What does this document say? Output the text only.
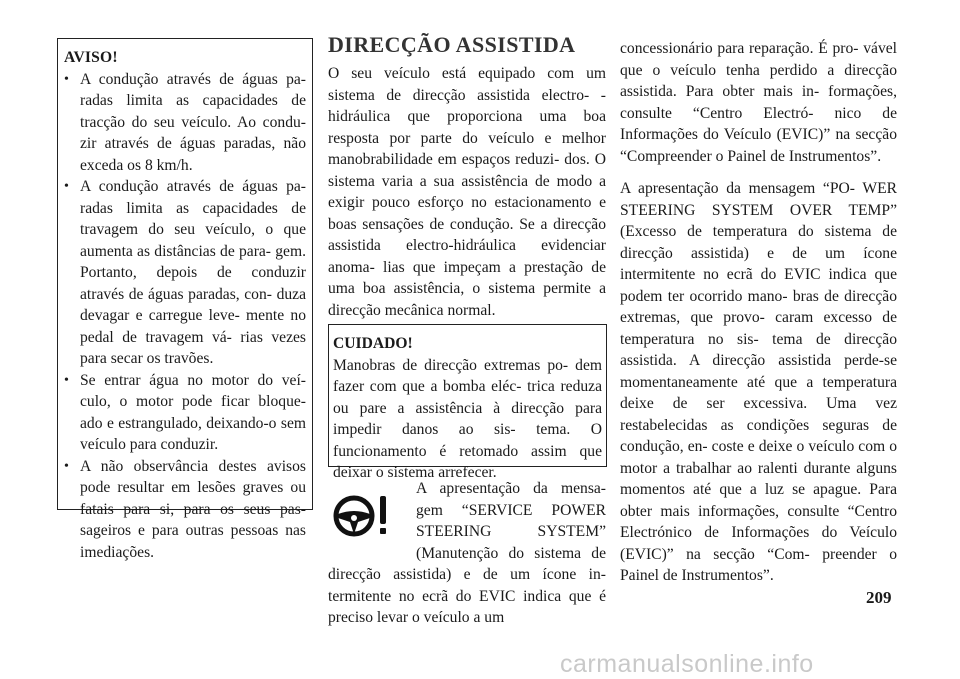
AVISO!
• A condução através de águas pa- radas limita as capacidades de tracção do seu veículo. Ao condu- zir através de águas paradas, não exceda os 8 km/h.
• A condução através de águas pa- radas limita as capacidades de travagem do seu veículo, o que aumenta as distâncias de para- gem. Portanto, depois de conduzir através de águas paradas, con- duza devagar e carregue leve- mente no pedal de travagem vá- rias vezes para secar os travões.
• Se entrar água no motor do veí- culo, o motor pode ficar bloque- ado e estrangulado, deixando-o sem veículo para conduzir.
• A não observância destes avisos pode resultar em lesões graves ou fatais para si, para os seus pas- sageiros e para outras pessoas nas imediações.
DIRECÇÃO ASSISTIDA

O seu veículo está equipado com um sistema de direcção assistida electro- -hidráulica que proporciona uma boa resposta por parte do veículo e melhor manobrabilidade em espaços reduzi- dos. O sistema varia a sua assistência de modo a exigir pouco esforço no estacionamento e boas sensações de condução. Se a direcção assistida electro-hidráulica evidenciar anoma- lias que impeçam a prestação de uma boa assistência, o sistema permite a direcção mecânica normal.

CUIDADO!
Manobras de direcção extremas po- dem fazer com que a bomba eléc- trica reduza ou pare a assistência à direcção para impedir danos ao sis- tema. O funcionamento é retomado assim que deixar o sistema arrefecer.

A apresentação da mensa- gem “SERVICE POWER STEERING SYSTEM” (Manutenção do sistema de direcção assistida) e de um ícone in- termitente no ecrã do EVIC indica que é preciso levar o veículo a um

concessionário para reparação. É pro- vável que o veículo tenha perdido a direcção assistida. Para obter mais in- formações, consulte “Centro Electró- nico de Informações do Veículo (EVIC)” na secção “Compreender o Painel de Instrumentos”.

A apresentação da mensagem “PO- WER STEERING SYSTEM OVER TEMP” (Excesso de temperatura do sistema de direcção assistida) e de um ícone intermitente no ecrã do EVIC indica que podem ter ocorrido mano- bras de direcção extremas, que provo- caram excesso de temperatura no sis- tema de direcção assistida. A direcção assistida perde-se momentaneamente até que a temperatura deixe de ser excessiva. Uma vez restabelecidas as condições seguras de condução, en- coste e deixe o veículo com o motor a trabalhar ao ralenti durante alguns momentos até que a luz se apague. Para obter mais informações, consulte “Centro Electrónico de Informações do Veículo (EVIC)” na secção “Com- preender o Painel de Instrumentos”.

209
carmanualsonline.info
